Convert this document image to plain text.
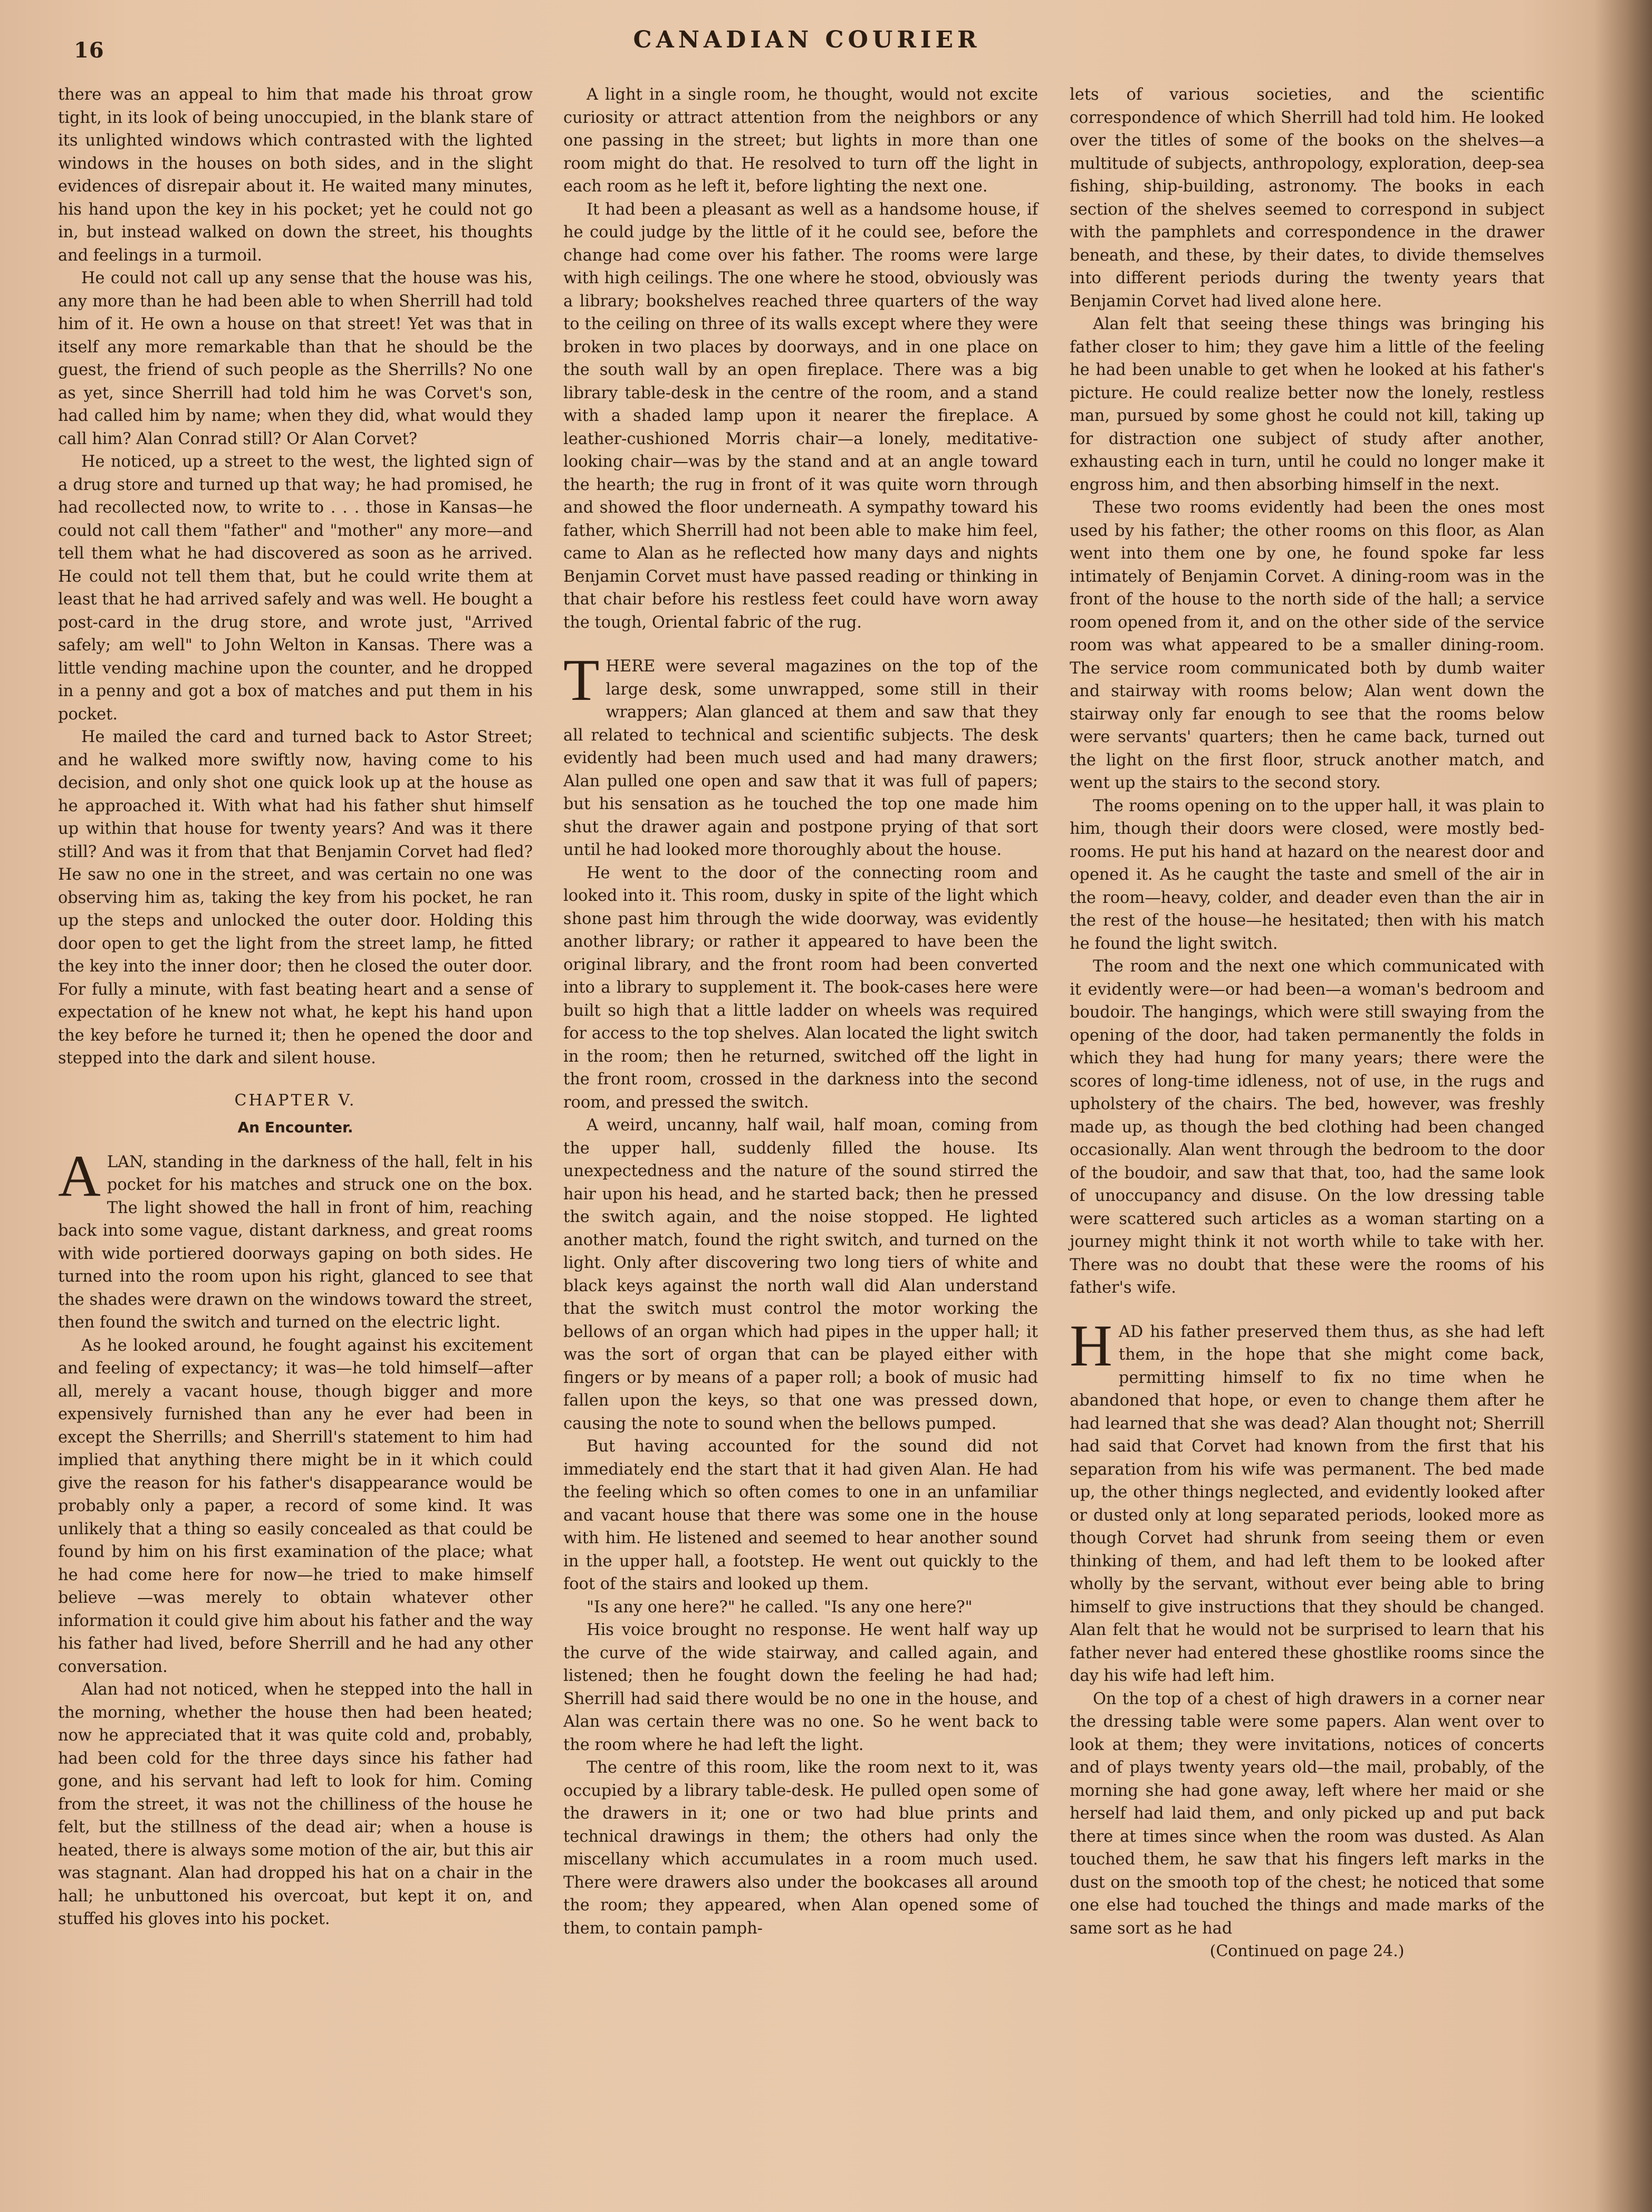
16	CANADIAN COURIER

there was an appeal to him that made his throat grow tight, in its look of being unoccupied, in the blank stare of its unlighted windows which contrasted with the lighted windows in the houses on both sides, and in the slight evidences of disrepair about it. He waited many minutes, his hand upon the key in his pocket; yet he could not go in, but instead walked on down the street, his thoughts and feelings in a turmoil.

He could not call up any sense that the house was his, any more than he had been able to when Sherrill had told him of it. He own a house on that street! Yet was that in itself any more remarkable than that he should be the guest, the friend of such people as the Sherrills? No one as yet, since Sherrill had told him he was Corvet's son, had called him by name; when they did, what would they call him? Alan Conrad still? Or Alan Corvet?

He noticed, up a street to the west, the lighted sign of a drug store and turned up that way; he had promised, he had recollected now, to write to . . . those in Kansas—he could not call them "father" and "mother" any more—and tell them what he had discovered as soon as he arrived. He could not tell them that, but he could write them at least that he had arrived safely and was well. He bought a post-card in the drug store, and wrote just, "Arrived safely; am well" to John Welton in Kansas. There was a little vending machine upon the counter, and he dropped in a penny and got a box of matches and put them in his pocket.

He mailed the card and turned back to Astor Street; and he walked more swiftly now, having come to his decision, and only shot one quick look up at the house as he approached it. With what had his father shut himself up within that house for twenty years? And was it there still? And was it from that that Benjamin Corvet had fled? He saw no one in the street, and was certain no one was observing him as, taking the key from his pocket, he ran up the steps and unlocked the outer door. Holding this door open to get the light from the street lamp, he fitted the key into the inner door; then he closed the outer door. For fully a minute, with fast beating heart and a sense of expectation of he knew not what, he kept his hand upon the key before he turned it; then he opened the door and stepped into the dark and silent house.

CHAPTER V.
An Encounter.

ALAN, standing in the darkness of the hall, felt in his pocket for his matches and struck one on the box. The light showed the hall in front of him, reaching back into some vague, distant darkness, and great rooms with wide portiered doorways gaping on both sides. He turned into the room upon his right, glanced to see that the shades were drawn on the windows toward the street, then found the switch and turned on the electric light.

As he looked around, he fought against his excitement and feeling of expectancy; it was—he told himself—after all, merely a vacant house, though bigger and more expensively furnished than any he ever had been in except the Sherrills; and Sherrill's statement to him had implied that anything there might be in it which could give the reason for his father's disappearance would be probably only a paper, a record of some kind. It was unlikely that a thing so easily concealed as that could be found by him on his first examination of the place; what he had come here for now—he tried to make himself believe —was merely to obtain whatever other information it could give him about his father and the way his father had lived, before Sherrill and he had any other conversation.

Alan had not noticed, when he stepped into the hall in the morning, whether the house then had been heated; now he appreciated that it was quite cold and, probably, had been cold for the three days since his father had gone, and his servant had left to look for him. Coming from the street, it was not the chilliness of the house he felt, but the stillness of the dead air; when a house is heated, there is always some motion of the air, but this air was stagnant. Alan had dropped his hat on a chair in the hall; he unbuttoned his overcoat, but kept it on, and stuffed his gloves into his pocket.

A light in a single room, he thought, would not excite curiosity or attract attention from the neighbors or any one passing in the street; but lights in more than one room might do that. He resolved to turn off the light in each room as he left it, before lighting the next one.

It had been a pleasant as well as a handsome house, if he could judge by the little of it he could see, before the change had come over his father. The rooms were large with high ceilings. The one where he stood, obviously was a library; bookshelves reached three quarters of the way to the ceiling on three of its walls except where they were broken in two places by doorways, and in one place on the south wall by an open fireplace. There was a big library table-desk in the centre of the room, and a stand with a shaded lamp upon it nearer the fireplace. A leather-cushioned Morris chair—a lonely, meditative-looking chair—was by the stand and at an angle toward the hearth; the rug in front of it was quite worn through and showed the floor underneath. A sympathy toward his father, which Sherrill had not been able to make him feel, came to Alan as he reflected how many days and nights Benjamin Corvet must have passed reading or thinking in that chair before his restless feet could have worn away the tough, Oriental fabric of the rug.

THERE were several magazines on the top of the large desk, some unwrapped, some still in their wrappers; Alan glanced at them and saw that they all related to technical and scientific subjects. The desk evidently had been much used and had many drawers; Alan pulled one open and saw that it was full of papers; but his sensation as he touched the top one made him shut the drawer again and postpone prying of that sort until he had looked more thoroughly about the house.

He went to the door of the connecting room and looked into it. This room, dusky in spite of the light which shone past him through the wide doorway, was evidently another library; or rather it appeared to have been the original library, and the front room had been converted into a library to supplement it. The book-cases here were built so high that a little ladder on wheels was required for access to the top shelves. Alan located the light switch in the room; then he returned, switched off the light in the front room, crossed in the darkness into the second room, and pressed the switch.

A weird, uncanny, half wail, half moan, coming from the upper hall, suddenly filled the house. Its unexpectedness and the nature of the sound stirred the hair upon his head, and he started back; then he pressed the switch again, and the noise stopped. He lighted another match, found the right switch, and turned on the light. Only after discovering two long tiers of white and black keys against the north wall did Alan understand that the switch must control the motor working the bellows of an organ which had pipes in the upper hall; it was the sort of organ that can be played either with fingers or by means of a paper roll; a book of music had fallen upon the keys, so that one was pressed down, causing the note to sound when the bellows pumped.

But having accounted for the sound did not immediately end the start that it had given Alan. He had the feeling which so often comes to one in an unfamiliar and vacant house that there was some one in the house with him. He listened and seemed to hear another sound in the upper hall, a footstep. He went out quickly to the foot of the stairs and looked up them.

"Is any one here?" he called. "Is any one here?"

His voice brought no response. He went half way up the curve of the wide stairway, and called again, and listened; then he fought down the feeling he had had; Sherrill had said there would be no one in the house, and Alan was certain there was no one. So he went back to the room where he had left the light.

The centre of this room, like the room next to it, was occupied by a library table-desk. He pulled open some of the drawers in it; one or two had blue prints and technical drawings in them; the others had only the miscellany which accumulates in a room much used. There were drawers also under the bookcases all around the room; they appeared, when Alan opened some of them, to contain pamph-

lets of various societies, and the scientific correspondence of which Sherrill had told him. He looked over the titles of some of the books on the shelves—a multitude of subjects, anthropology, exploration, deep-sea fishing, ship-building, astronomy. The books in each section of the shelves seemed to correspond in subject with the pamphlets and correspondence in the drawer beneath, and these, by their dates, to divide themselves into different periods during the twenty years that Benjamin Corvet had lived alone here.

Alan felt that seeing these things was bringing his father closer to him; they gave him a little of the feeling he had been unable to get when he looked at his father's picture. He could realize better now the lonely, restless man, pursued by some ghost he could not kill, taking up for distraction one subject of study after another, exhausting each in turn, until he could no longer make it engross him, and then absorbing himself in the next.

These two rooms evidently had been the ones most used by his father; the other rooms on this floor, as Alan went into them one by one, he found spoke far less intimately of Benjamin Corvet. A dining-room was in the front of the house to the north side of the hall; a service room opened from it, and on the other side of the service room was what appeared to be a smaller dining-room. The service room communicated both by dumb waiter and stairway with rooms below; Alan went down the stairway only far enough to see that the rooms below were servants' quarters; then he came back, turned out the light on the first floor, struck another match, and went up the stairs to the second story.

The rooms opening on to the upper hall, it was plain to him, though their doors were closed, were mostly bed-rooms. He put his hand at hazard on the nearest door and opened it. As he caught the taste and smell of the air in the room—heavy, colder, and deader even than the air in the rest of the house—he hesitated; then with his match he found the light switch.

The room and the next one which communicated with it evidently were—or had been—a woman's bedroom and boudoir. The hangings, which were still swaying from the opening of the door, had taken permanently the folds in which they had hung for many years; there were the scores of long-time idleness, not of use, in the rugs and upholstery of the chairs. The bed, however, was freshly made up, as though the bed clothing had been changed occasionally. Alan went through the bedroom to the door of the boudoir, and saw that that, too, had the same look of unoccupancy and disuse. On the low dressing table were scattered such articles as a woman starting on a journey might think it not worth while to take with her. There was no doubt that these were the rooms of his father's wife.

HAD his father preserved them thus, as she had left them, in the hope that she might come back, permitting himself to fix no time when he abandoned that hope, or even to change them after he had learned that she was dead? Alan thought not; Sherrill had said that Corvet had known from the first that his separation from his wife was permanent. The bed made up, the other things neglected, and evidently looked after or dusted only at long separated periods, looked more as though Corvet had shrunk from seeing them or even thinking of them, and had left them to be looked after wholly by the servant, without ever being able to bring himself to give instructions that they should be changed. Alan felt that he would not be surprised to learn that his father never had entered these ghostlike rooms since the day his wife had left him.

On the top of a chest of high drawers in a corner near the dressing table were some papers. Alan went over to look at them; they were invitations, notices of concerts and of plays twenty years old—the mail, probably, of the morning she had gone away, left where her maid or she herself had laid them, and only picked up and put back there at times since when the room was dusted. As Alan touched them, he saw that his fingers left marks in the dust on the smooth top of the chest; he noticed that some one else had touched the things and made marks of the same sort as he had

(Continued on page 24.)
